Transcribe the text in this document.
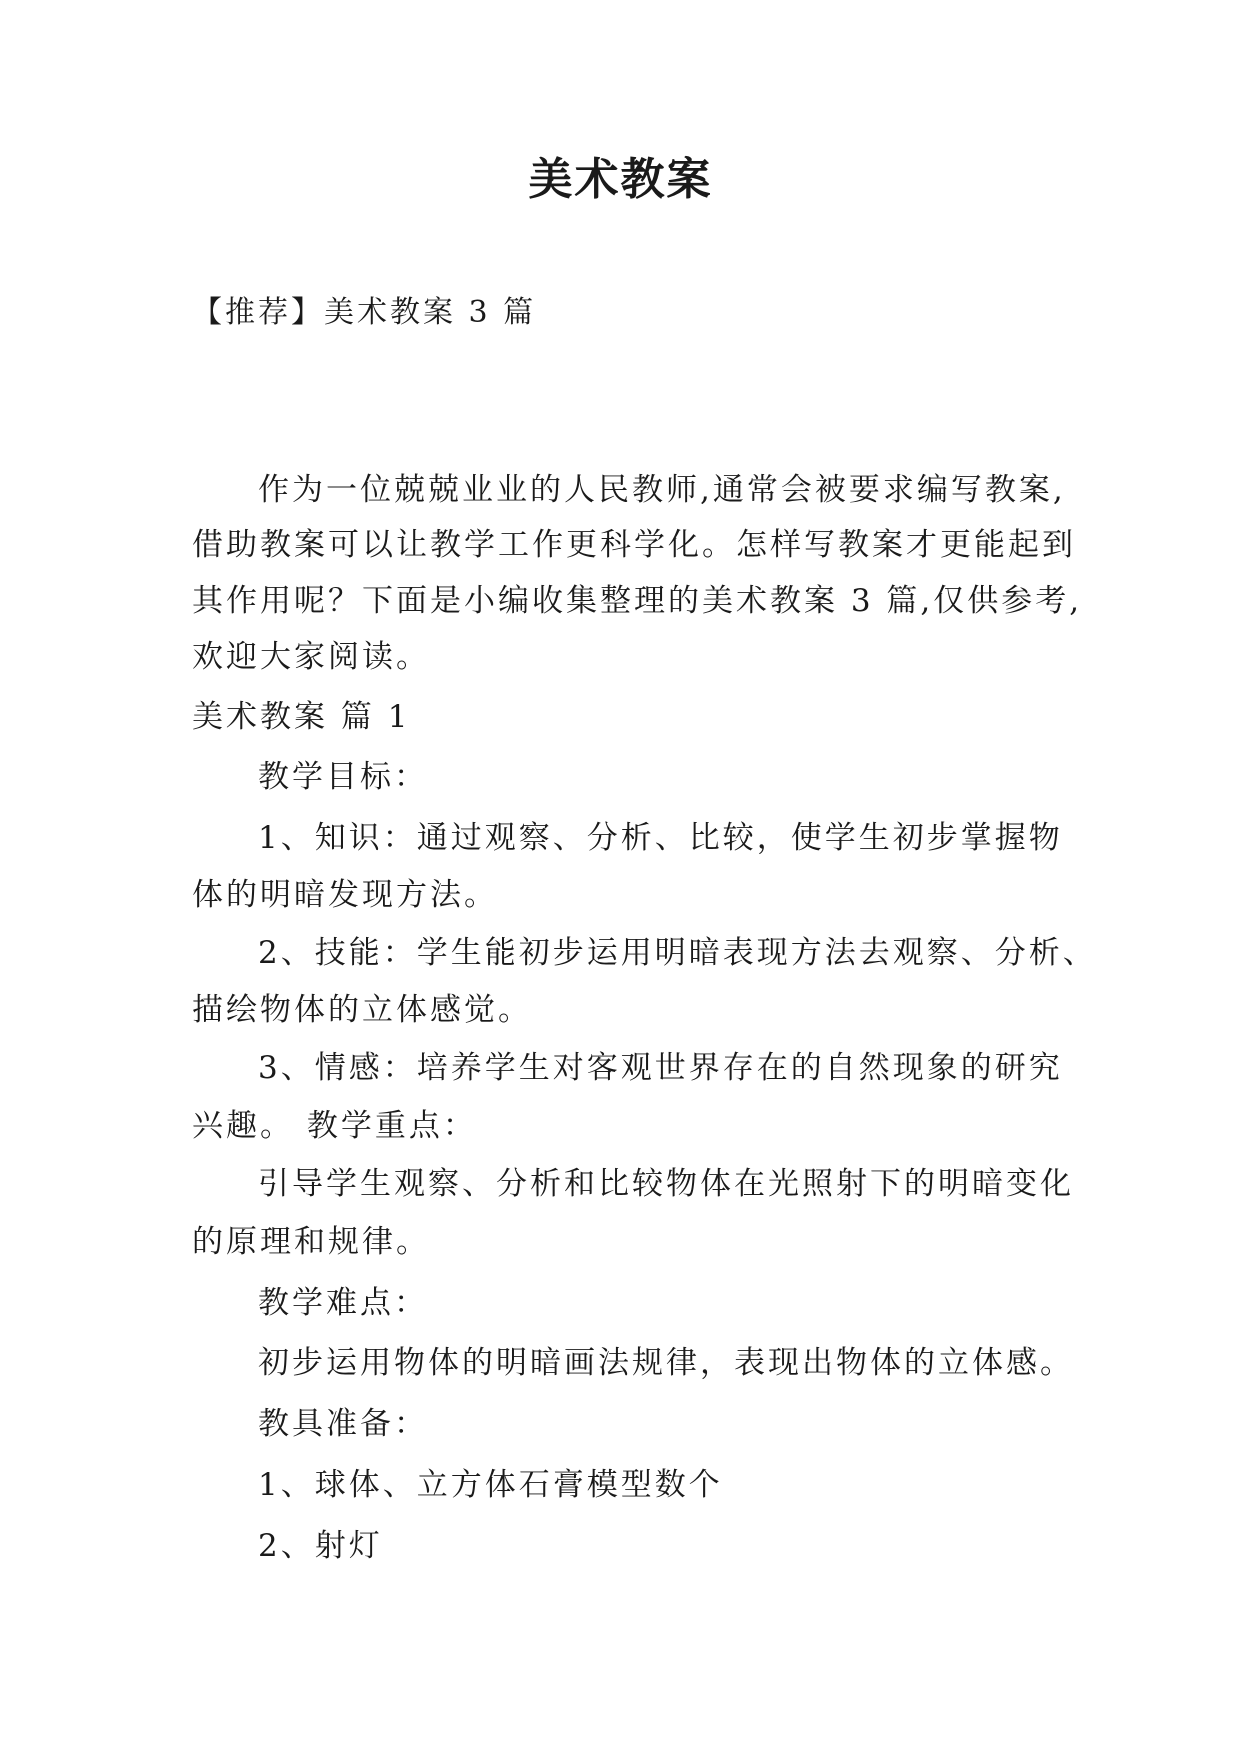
美术教案
【推荐】美术教案 3 篇
作为一位兢兢业业的人民教师,通常会被要求编写教案,
借助教案可以让教学工作更科学化。怎样写教案才更能起到
其作用呢？下面是小编收集整理的美术教案 3 篇,仅供参考,
欢迎大家阅读。
美术教案 篇 1
教学目标：
1、知识：通过观察、分析、比较，使学生初步掌握物
体的明暗发现方法。
2、技能：学生能初步运用明暗表现方法去观察、分析、
描绘物体的立体感觉。
3、情感：培养学生对客观世界存在的自然现象的研究
兴趣。 教学重点：
引导学生观察、分析和比较物体在光照射下的明暗变化
的原理和规律。
教学难点：
初步运用物体的明暗画法规律，表现出物体的立体感。
教具准备：
1、球体、立方体石膏模型数个
2、射灯
